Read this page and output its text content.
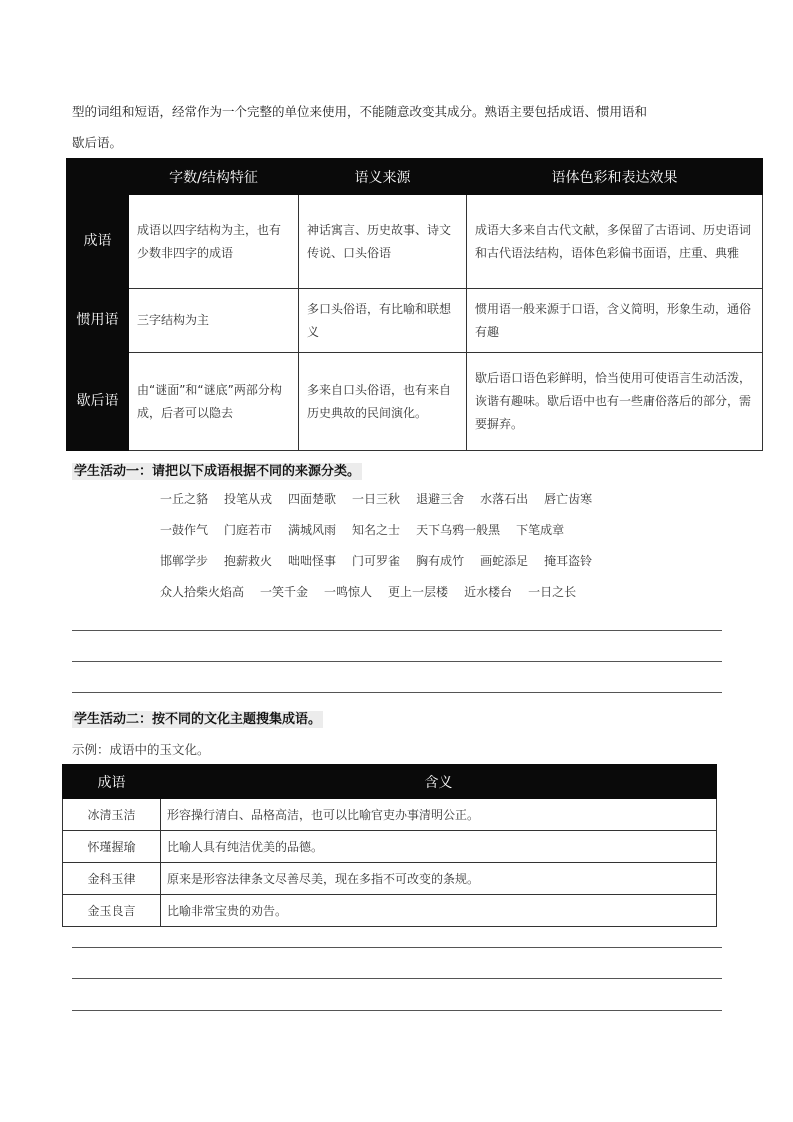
型的词组和短语，经常作为一个完整的单位来使用，不能随意改变其成分。熟语主要包括成语、惯用语和

歇后语。

	字数/结构特征	语义来源	语体色彩和表达效果
成语	成语以四字结构为主，也有少数非四字的成语	神话寓言、历史故事、诗文传说、口头俗语	成语大多来自古代文献，多保留了古语词、历史语词和古代语法结构，语体色彩偏书面语，庄重、典雅
惯用语	三字结构为主	多口头俗语，有比喻和联想义	惯用语一般来源于口语，含义简明，形象生动，通俗有趣
歇后语	由“谜面”和“谜底”两部分构成，后者可以隐去	多来自口头俗语，也有来自历史典故的民间演化。	歇后语口语色彩鲜明，恰当使用可使语言生动活泼，诙谐有趣味。歇后语中也有一些庸俗落后的部分，需要摒弃。
学生活动一：请把以下成语根据不同的来源分类。
一丘之貉 投笔从戎 四面楚歌 一日三秋 退避三舍 水落石出 唇亡齿寒
一鼓作气 门庭若市 满城风雨 知名之士 天下乌鸦一般黑 下笔成章
邯郸学步 抱薪救火 咄咄怪事 门可罗雀 胸有成竹 画蛇添足 掩耳盗铃
众人拾柴火焰高 一笑千金 一鸣惊人 更上一层楼 近水楼台 一日之长
学生活动二：按不同的文化主题搜集成语。
示例：成语中的玉文化。
成语	含义
冰清玉洁	形容操行清白、品格高洁，也可以比喻官吏办事清明公正。
怀瑾握瑜	比喻人具有纯洁优美的品德。
金科玉律	原来是形容法律条文尽善尽美，现在多指不可改变的条规。
金玉良言	比喻非常宝贵的劝告。
